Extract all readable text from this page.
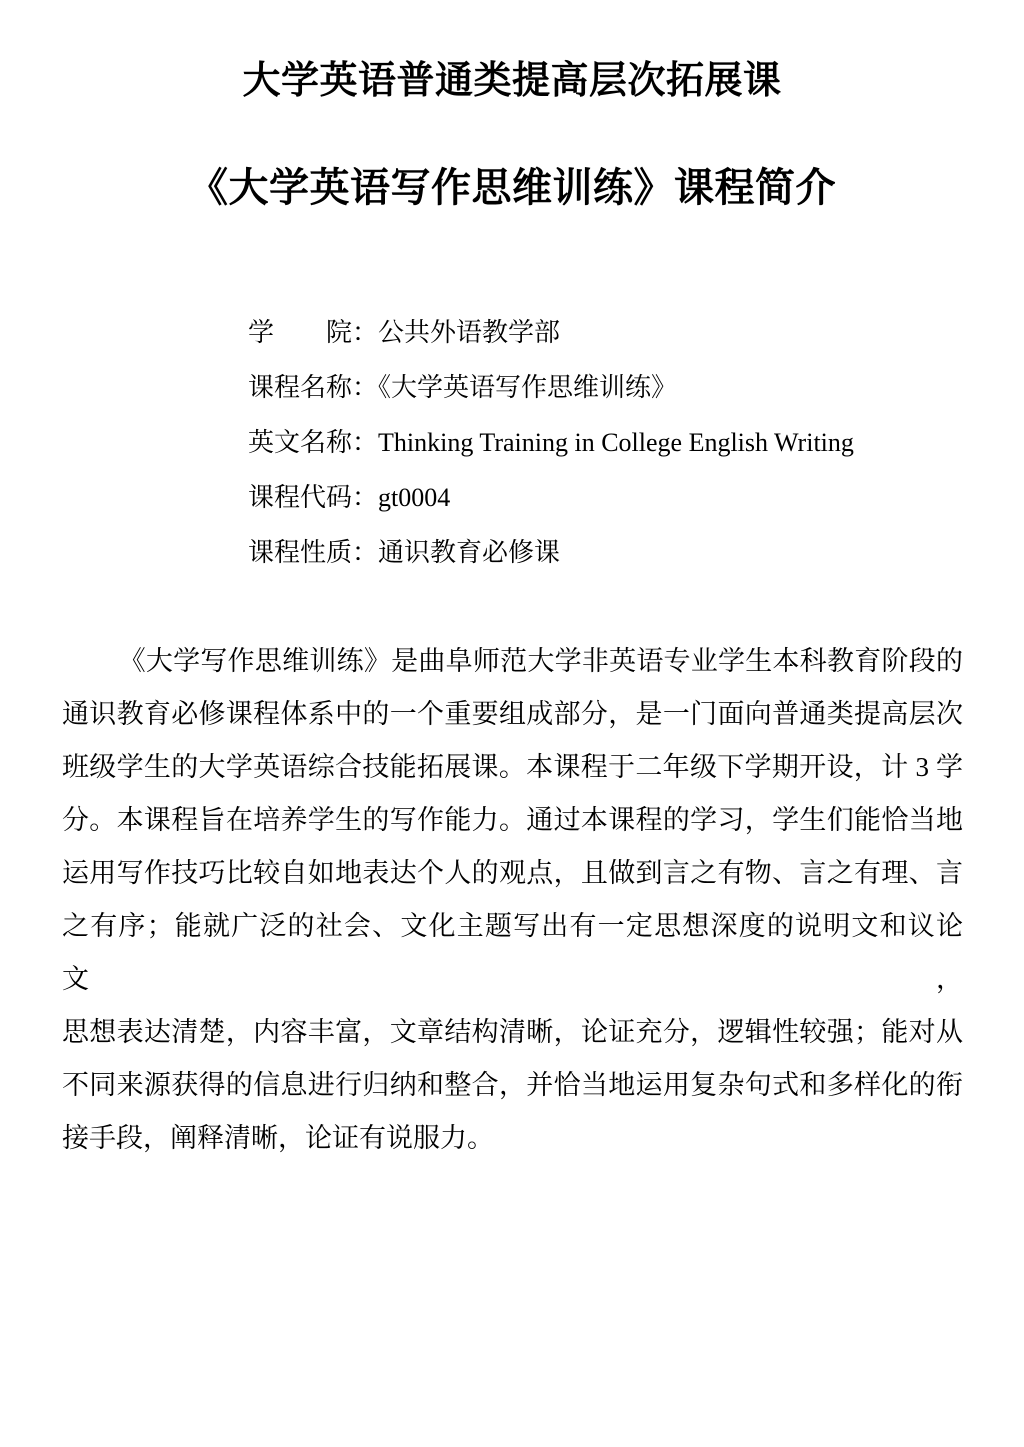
大学英语普通类提高层次拓展课
《大学英语写作思维训练》课程简介
学　　院：公共外语教学部
课程名称：《大学英语写作思维训练》
英文名称：Thinking Training in College English Writing
课程代码：gt0004
课程性质：通识教育必修课
《大学写作思维训练》是曲阜师范大学非英语专业学生本科教育阶段的
通识教育必修课程体系中的一个重要组成部分，是一门面向普通类提高层次
班级学生的大学英语综合技能拓展课。本课程于二年级下学期开设，计 3 学
分。本课程旨在培养学生的写作能力。通过本课程的学习，学生们能恰当地
运用写作技巧比较自如地表达个人的观点，且做到言之有物、言之有理、言
之有序；能就广泛的社会、文化主题写出有一定思想深度的说明文和议论文，
思想表达清楚，内容丰富，文章结构清晰，论证充分，逻辑性较强；能对从
不同来源获得的信息进行归纳和整合，并恰当地运用复杂句式和多样化的衔
接手段，阐释清晰，论证有说服力。
